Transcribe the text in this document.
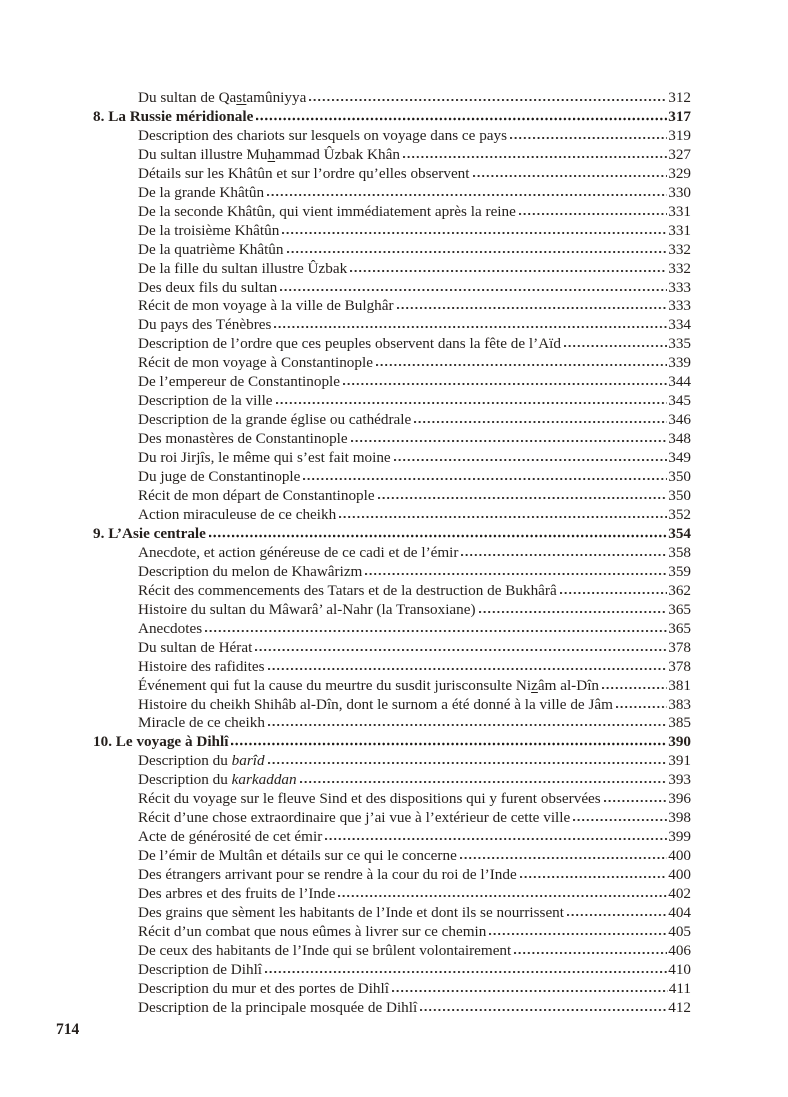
Du sultan de Qastamûniyya	312
8. La Russie méridionale	317
Description des chariots sur lesquels on voyage dans ce pays	319
Du sultan illustre Muhammad Ûzbak Khân	327
Détails sur les Khâtûn et sur l’ordre qu’elles observent	329
De la grande Khâtûn	330
De la seconde Khâtûn, qui vient immédiatement après la reine	331
De la troisième Khâtûn	331
De la quatrième Khâtûn	332
De la fille du sultan illustre Ûzbak	332
Des deux fils du sultan	333
Récit de mon voyage à la ville de Bulghâr	333
Du pays des Ténèbres	334
Description de l’ordre que ces peuples observent dans la fête de l’Aïd	335
Récit de mon voyage à Constantinople	339
De l’empereur de Constantinople	344
Description de la ville	345
Description de la grande église ou cathédrale	346
Des monastères de Constantinople	348
Du roi Jirjîs, le même qui s’est fait moine	349
Du juge de Constantinople	350
Récit de mon départ de Constantinople	350
Action miraculeuse de ce cheikh	352
9. L’Asie centrale	354
Anecdote, et action généreuse de ce cadi et de l’émir	358
Description du melon de Khawârizm	359
Récit des commencements des Tatars et de la destruction de Bukhârâ	362
Histoire du sultan du Mâwarâ’ al-Nahr (la Transoxiane)	365
Anecdotes	365
Du sultan de Hérat	378
Histoire des rafidites	378
Événement qui fut la cause du meurtre du susdit jurisconsulte Nizâm al-Dîn	381
Histoire du cheikh Shihâb al-Dîn, dont le surnom a été donné à la ville de Jâm	383
Miracle de ce cheikh	385
10. Le voyage à Dihlî	390
Description du barîd	391
Description du karkaddan	393
Récit du voyage sur le fleuve Sind et des dispositions qui y furent observées	396
Récit d’une chose extraordinaire que j’ai vue à l’extérieur de cette ville	398
Acte de générosité de cet émir	399
De l’émir de Multân et détails sur ce qui le concerne	400
Des étrangers arrivant pour se rendre à la cour du roi de l’Inde	400
Des arbres et des fruits de l’Inde	402
Des grains que sèment les habitants de l’Inde et dont ils se nourrissent	404
Récit d’un combat que nous eûmes à livrer sur ce chemin	405
De ceux des habitants de l’Inde qui se brûlent volontairement	406
Description de Dihlî	410
Description du mur et des portes de Dihlî	411
Description de la principale mosquée de Dihlî	412
714
